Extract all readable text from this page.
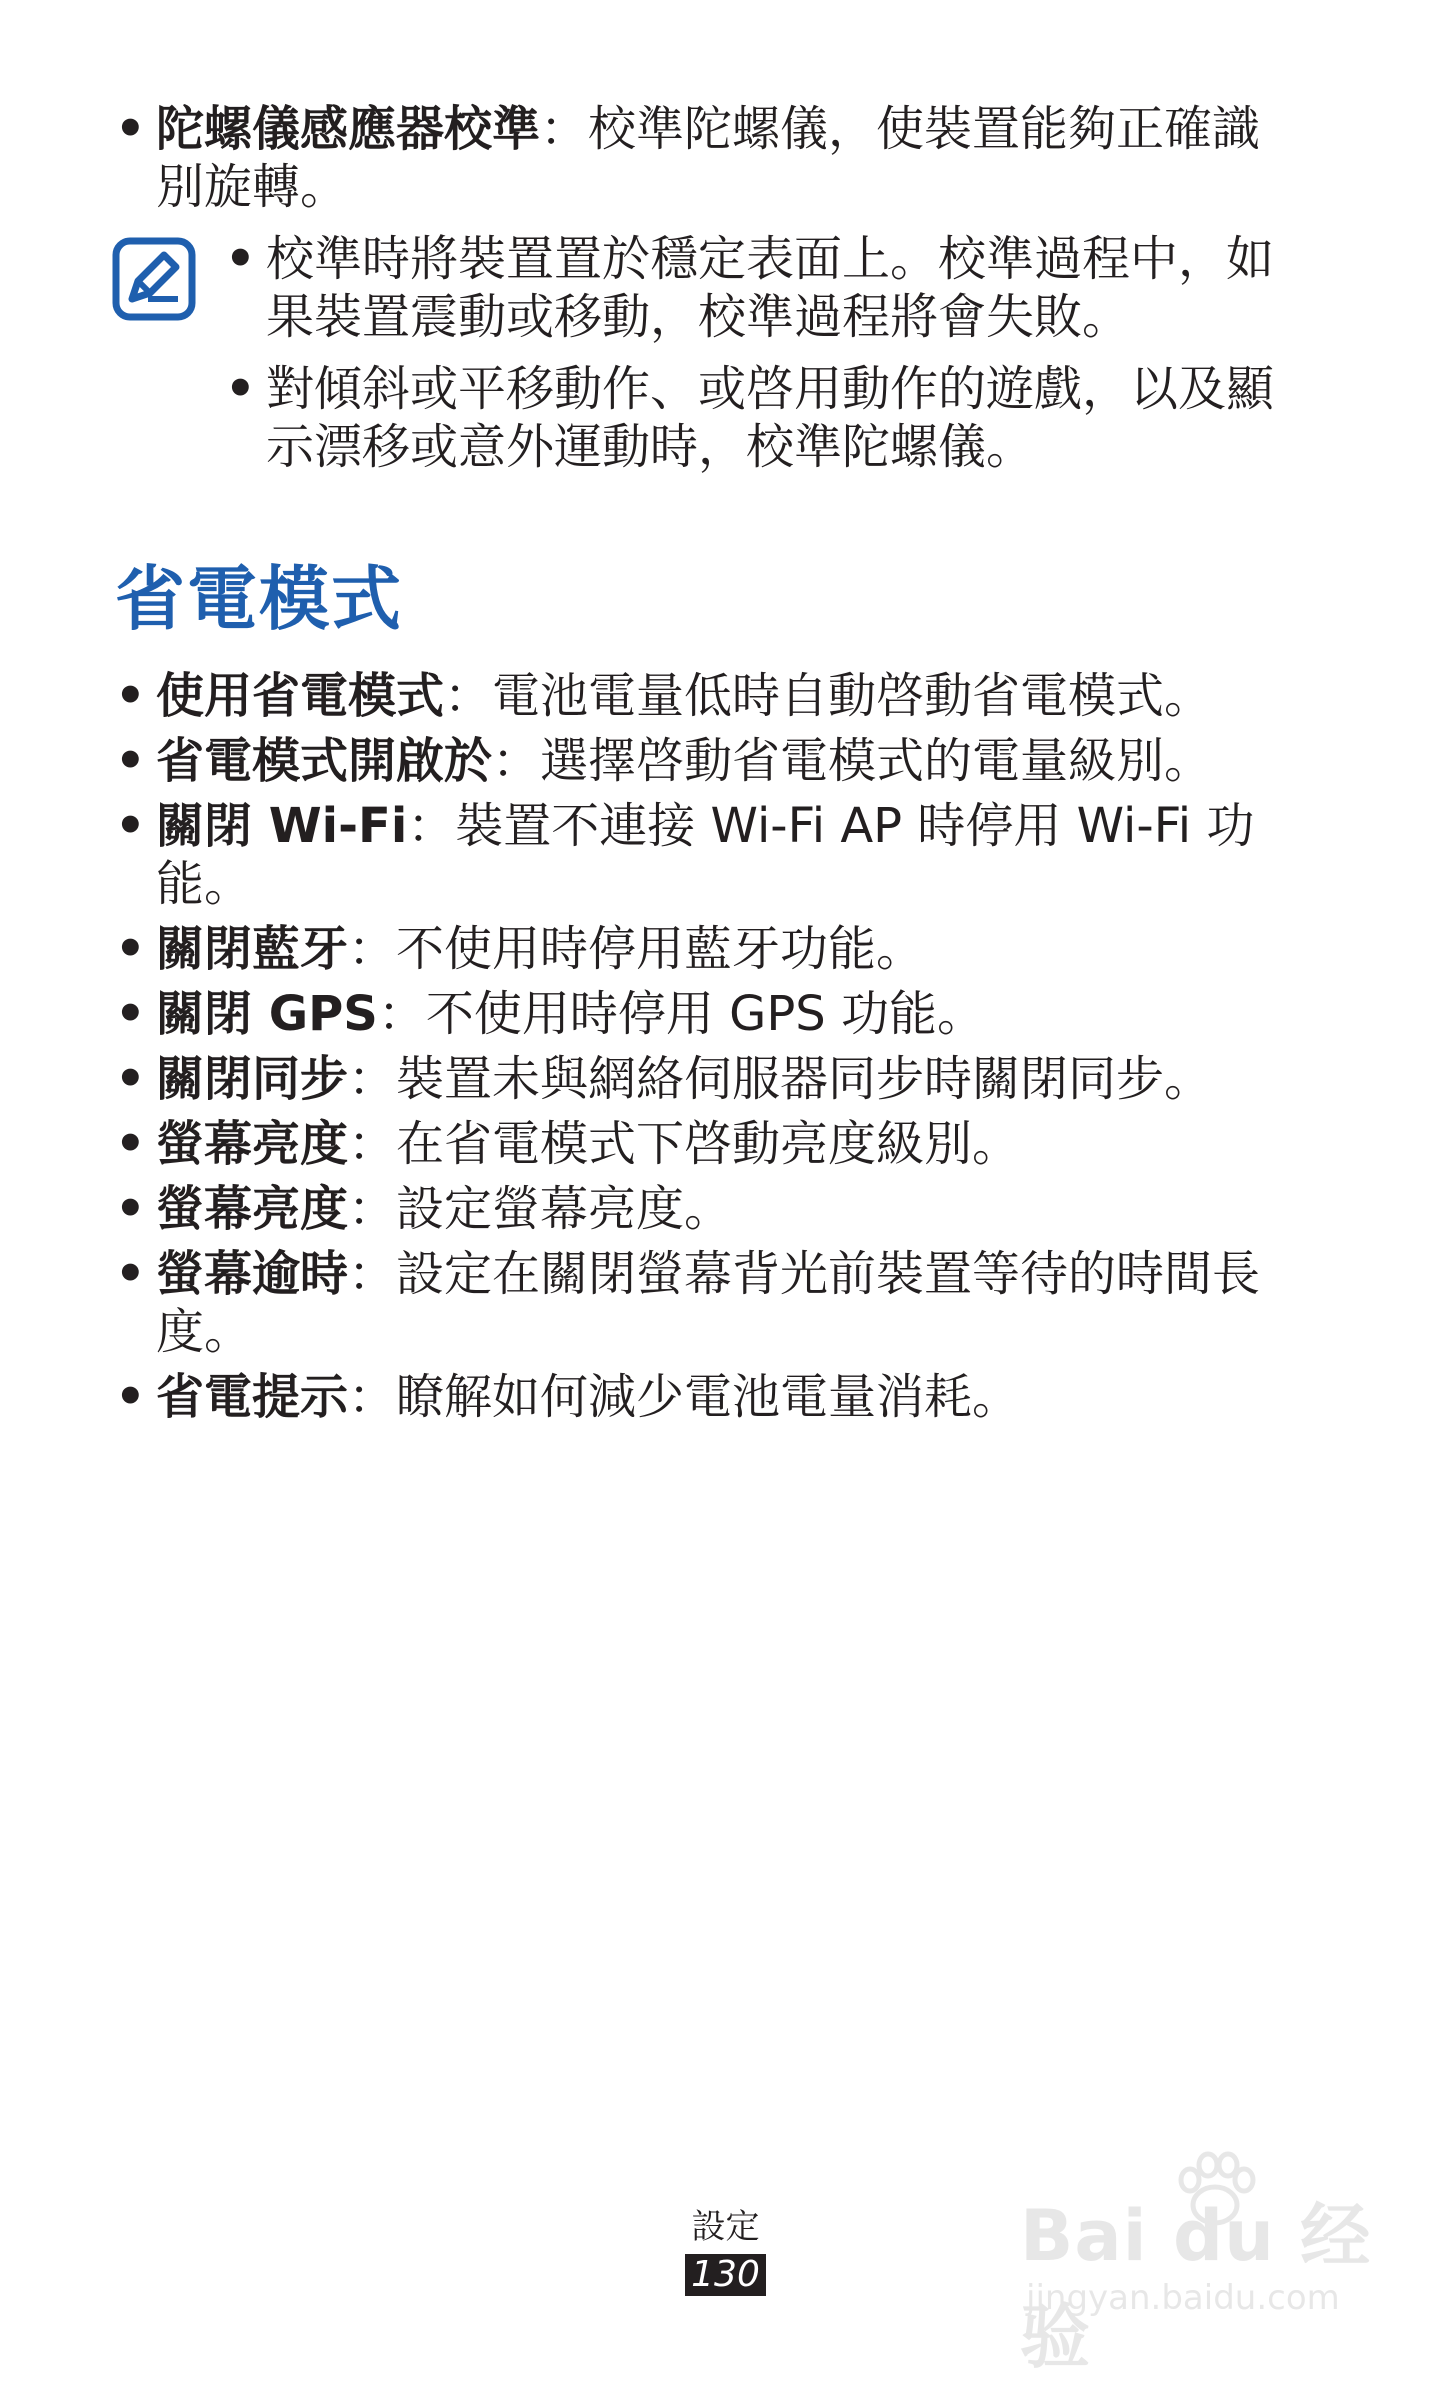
• 陀螺儀感應器校準：校準陀螺儀，使裝置能夠正確識別旋轉。
• 校準時將裝置置於穩定表面上。校準過程中，如果裝置震動或移動，校準過程將會失敗。
• 對傾斜或平移動作、或啓用動作的遊戲，以及顯示漂移或意外運動時，校準陀螺儀。
省電模式
• 使用省電模式：電池電量低時自動啓動省電模式。
• 省電模式開啟於：選擇啓動省電模式的電量級別。
• 關閉 Wi-Fi：裝置不連接 Wi-Fi AP 時停用 Wi-Fi 功能。
• 關閉藍牙：不使用時停用藍牙功能。
• 關閉 GPS：不使用時停用 GPS 功能。
• 關閉同步：裝置未與網絡伺服器同步時關閉同步。
• 螢幕亮度：在省電模式下啓動亮度級別。
• 螢幕亮度：設定螢幕亮度。
• 螢幕逾時：設定在關閉螢幕背光前裝置等待的時間長度。
• 省電提示：瞭解如何減少電池電量消耗。
Bai du 经验
jingyan.baidu.com
設定
130
